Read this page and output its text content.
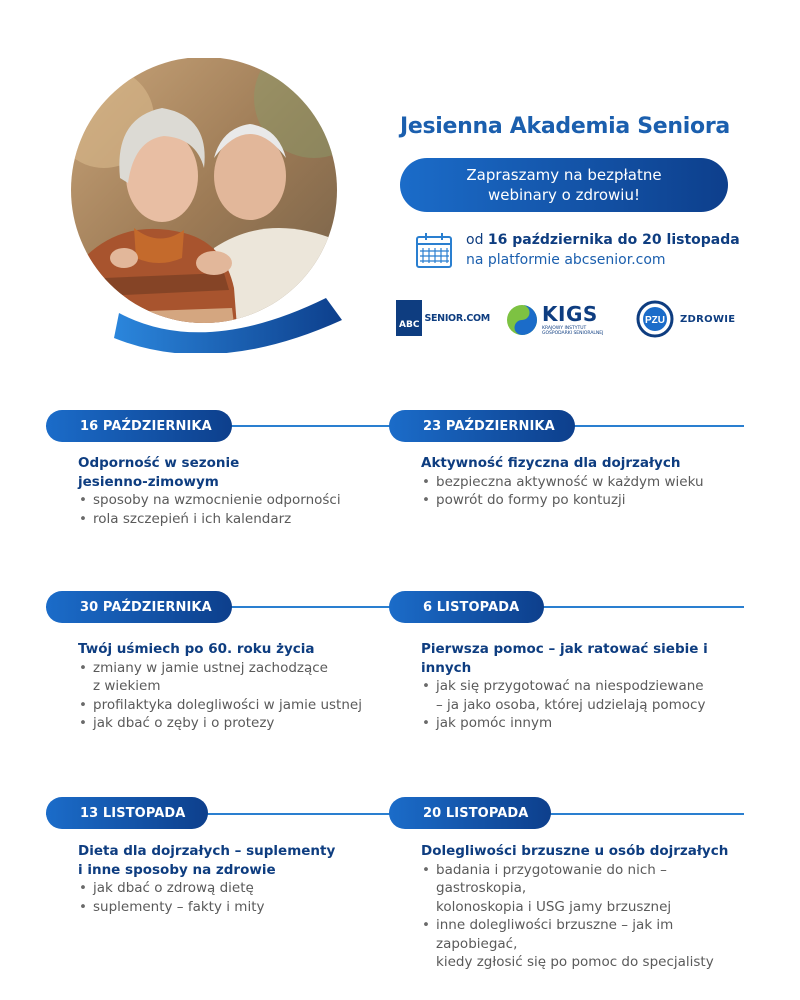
Jesienna Akademia Seniora
Zapraszamy na bezpłatne webinary o zdrowiu!
od 16 października do 20 listopada
na platformie abcsenior.com
ABC
SENIOR.COM	KIGS
KRAJOWY INSTYTUT GOSPODARKI SENIORALNEJ
PZU ZDROWIE
16 PAŹDZIERNIKA	23 PAŹDZIERNIKA
30 PAŹDZIERNIKA	6 LISTOPADA
13 LISTOPADA	20 LISTOPADA
Odporność w sezonie
jesienno-zimowym
• sposoby na wzmocnienie odporności
• rola szczepień i ich kalendarz
Aktywność fizyczna dla dojrzałych
• bezpieczna aktywność w każdym wieku
• powrót do formy po kontuzji
Twój uśmiech po 60. roku życia
• zmiany w jamie ustnej zachodzące
z wiekiem
• profilaktyka dolegliwości w jamie ustnej
• jak dbać o zęby i o protezy
Pierwsza pomoc – jak ratować siebie i innych
• jak się przygotować na niespodziewane
– ja jako osoba, której udzielają pomocy
• jak pomóc innym
Dieta dla dojrzałych – suplementy
i inne sposoby na zdrowie
• jak dbać o zdrową dietę
• suplementy – fakty i mity
Dolegliwości brzuszne u osób dojrzałych
• badania i przygotowanie do nich – gastroskopia,
kolonoskopia i USG jamy brzusznej
• inne dolegliwości brzuszne – jak im zapobiegać,
kiedy zgłosić się po pomoc do specjalisty
